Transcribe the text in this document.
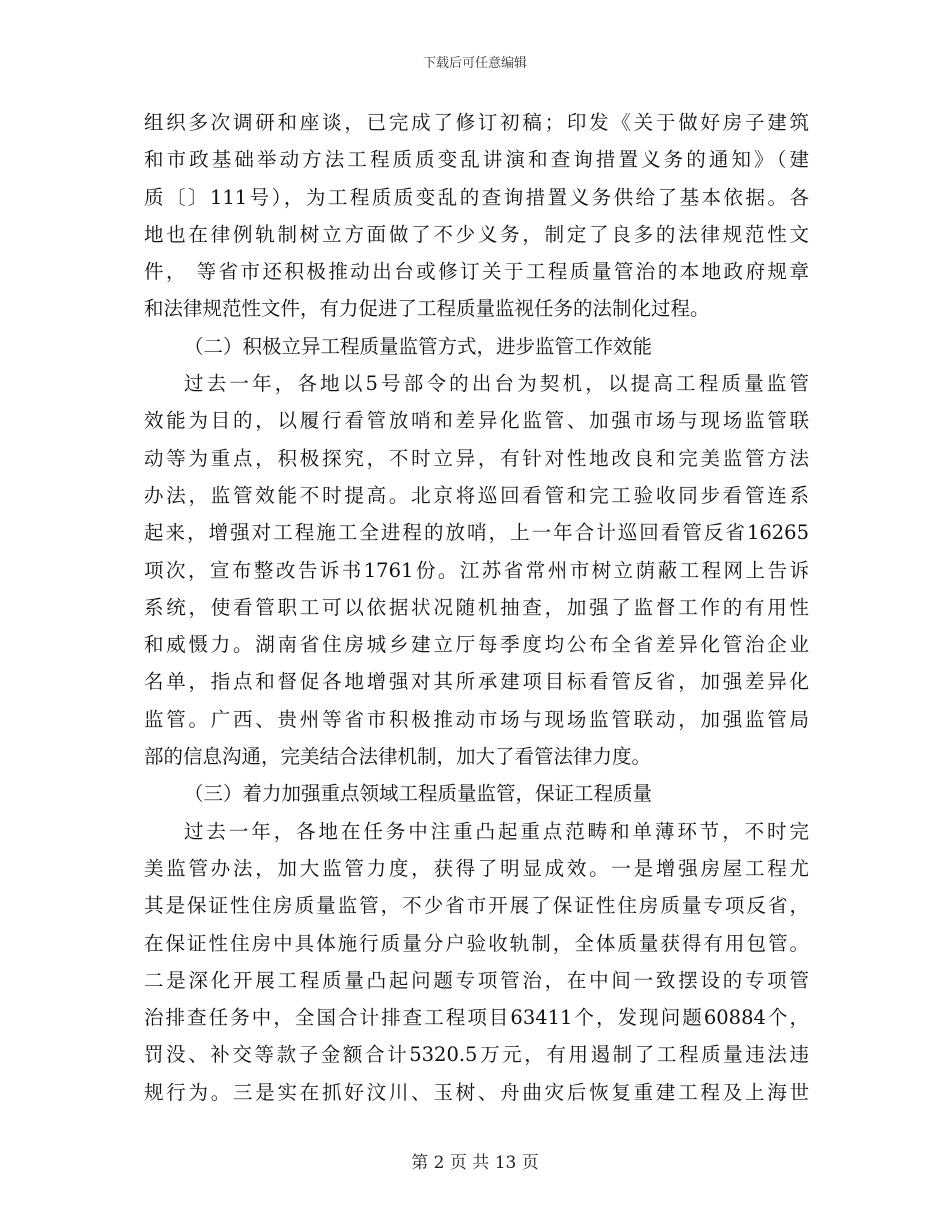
下载后可任意编辑
组织多次调研和座谈，已完成了修订初稿；印发《关于做好房子建筑
和市政基础举动方法工程质质变乱讲演和查询措置义务的通知》（建
质〔〕111号），为工程质质变乱的查询措置义务供给了基本依据。各
地也在律例轨制树立方面做了不少义务，制定了良多的法律规范性文
件， 等省市还积极推动出台或修订关于工程质量管治的本地政府规章
和法律规范性文件，有力促进了工程质量监视任务的法制化过程。
（二）积极立异工程质量监管方式，进步监管工作效能
过去一年，各地以5号部令的出台为契机，以提高工程质量监管
效能为目的，以履行看管放哨和差异化监管、加强市场与现场监管联
动等为重点，积极探究，不时立异，有针对性地改良和完美监管方法
办法，监管效能不时提高。北京将巡回看管和完工验收同步看管连系
起来，增强对工程施工全进程的放哨，上一年合计巡回看管反省16265
项次，宣布整改告诉书1761份。江苏省常州市树立荫蔽工程网上告诉
系统，使看管职工可以依据状况随机抽查，加强了监督工作的有用性
和威慑力。湖南省住房城乡建立厅每季度均公布全省差异化管治企业
名单，指点和督促各地增强对其所承建项目标看管反省，加强差异化
监管。广西、贵州等省市积极推动市场与现场监管联动，加强监管局
部的信息沟通，完美结合法律机制，加大了看管法律力度。
（三）着力加强重点领域工程质量监管，保证工程质量
过去一年，各地在任务中注重凸起重点范畴和单薄环节，不时完
美监管办法，加大监管力度，获得了明显成效。一是增强房屋工程尤
其是保证性住房质量监管，不少省市开展了保证性住房质量专项反省，
在保证性住房中具体施行质量分户验收轨制，全体质量获得有用包管。
二是深化开展工程质量凸起问题专项管治，在中间一致摆设的专项管
治排查任务中，全国合计排查工程项目63411个，发现问题60884个，
罚没、补交等款子金额合计5320.5万元，有用遏制了工程质量违法违
规行为。三是实在抓好汶川、玉树、舟曲灾后恢复重建工程及上海世
第 2 页 共 13 页
